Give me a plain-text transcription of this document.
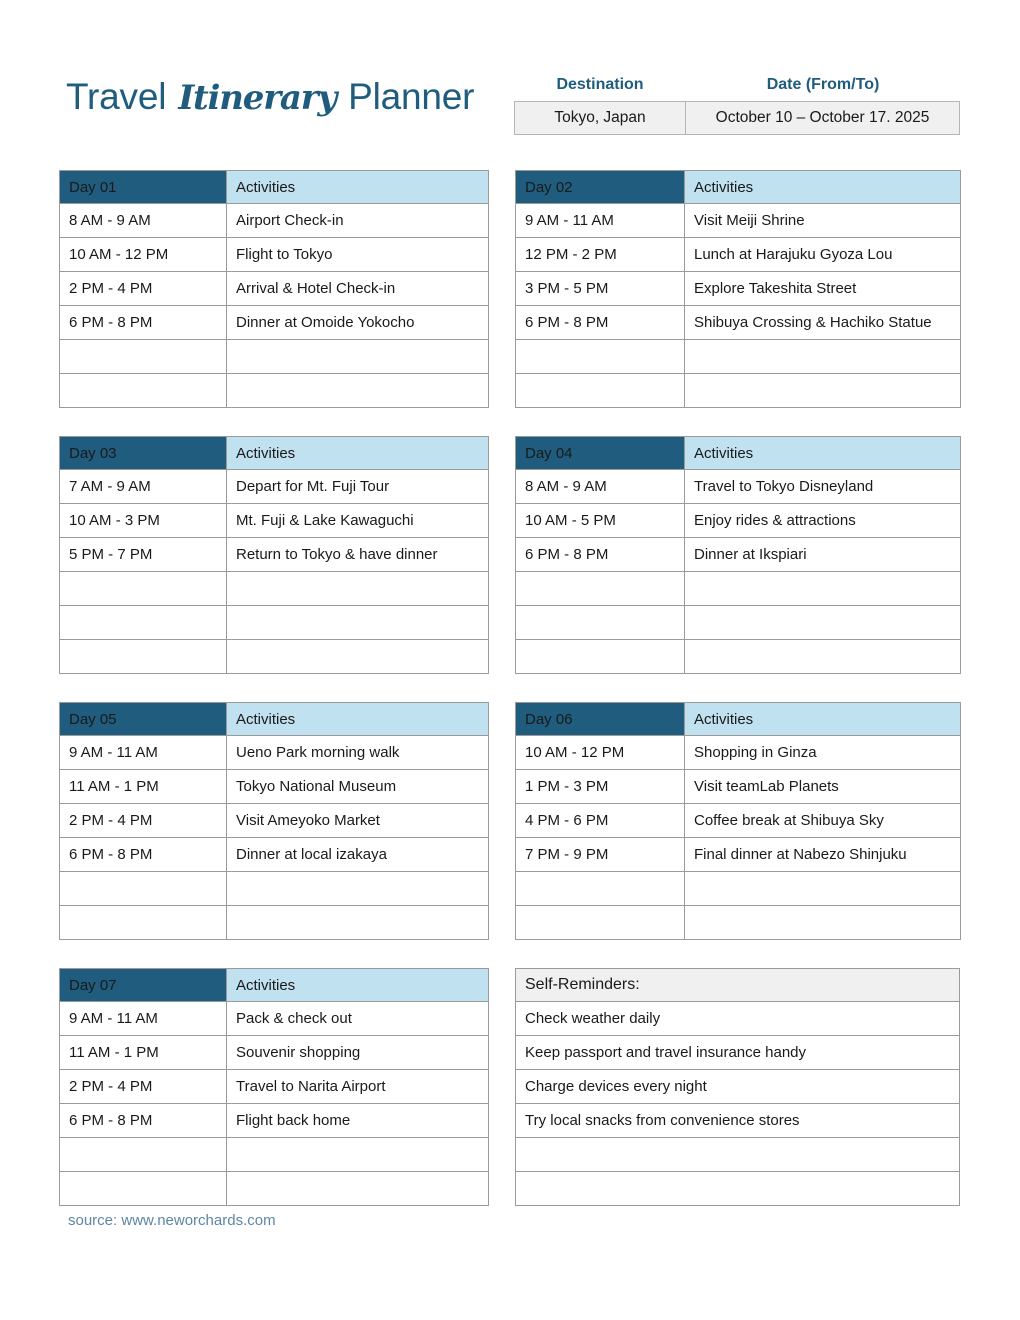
Travel Itinerary Planner	Destination	Date (From/To)
Tokyo, Japan	October 10 – October 17. 2025
Day 01	Activities
8 AM - 9 AM	Airport Check-in
10 AM - 12 PM	Flight to Tokyo
2 PM - 4 PM	Arrival & Hotel Check-in
6 PM - 8 PM	Dinner at Omoide Yokocho

Day 02	Activities
9 AM - 11 AM	Visit Meiji Shrine
12 PM - 2 PM	Lunch at Harajuku Gyoza Lou
3 PM - 5 PM	Explore Takeshita Street
6 PM - 8 PM	Shibuya Crossing & Hachiko Statue

Day 03	Activities
7 AM - 9 AM	Depart for Mt. Fuji Tour
10 AM - 3 PM	Mt. Fuji & Lake Kawaguchi
5 PM - 7 PM	Return to Tokyo & have dinner

Day 04	Activities
8 AM - 9 AM	Travel to Tokyo Disneyland
10 AM - 5 PM	Enjoy rides & attractions
6 PM - 8 PM	Dinner at Ikspiari

Day 05	Activities
9 AM - 11 AM	Ueno Park morning walk
11 AM - 1 PM	Tokyo National Museum
2 PM - 4 PM	Visit Ameyoko Market
6 PM - 8 PM	Dinner at local izakaya

Day 06	Activities
10 AM - 12 PM	Shopping in Ginza
1 PM - 3 PM	Visit teamLab Planets
4 PM - 6 PM	Coffee break at Shibuya Sky
7 PM - 9 PM	Final dinner at Nabezo Shinjuku

Day 07	Activities
9 AM - 11 AM	Pack & check out
11 AM - 1 PM	Souvenir shopping
2 PM - 4 PM	Travel to Narita Airport
6 PM - 8 PM	Flight back home

Self-Reminders:
Check weather daily
Keep passport and travel insurance handy
Charge devices every night
Try local snacks from convenience stores

source: www.neworchards.com
